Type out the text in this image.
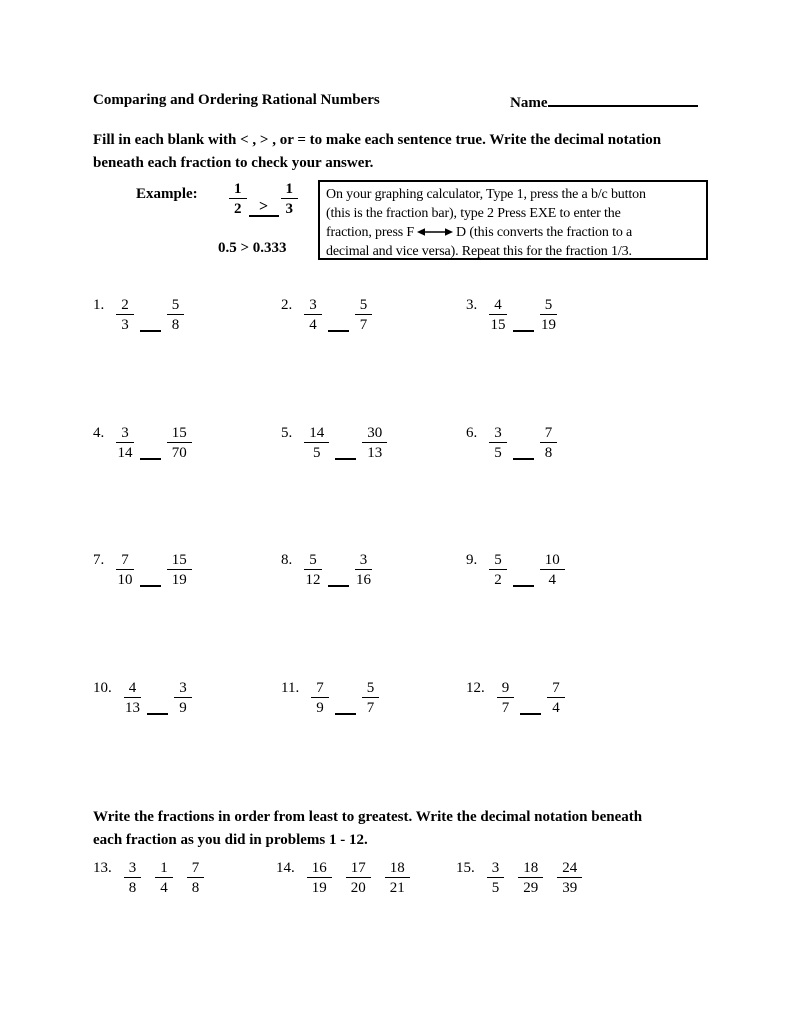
Comparing and Ordering Rational Numbers	Name
Fill in each blank with < , > , or = to make each sentence true. Write the decimal notation
beneath each fraction to check your answer.
Example: $\frac{1}{2} > \frac{1}{3}$
0.5 > 0.333
On your graphing calculator, Type 1, press the a b/c button
(this is the fraction bar), type 2 Press EXE to enter the
fraction, press F	D (this converts the fraction to a
decimal and vice versa). Repeat this for the fraction 1/3.
1. $\frac{2}{3} \frac{5}{8}$	2. $\frac{3}{4} \frac{5}{7}$	3. $\frac{4}{15} \frac{5}{19}$
4. $\frac{3}{14} \frac{15}{70}$	5. $\frac{14}{5} \frac{30}{13}$	6. $\frac{3}{5} \frac{7}{8}$
7. $\frac{7}{10} \frac{15}{19}$	8. $\frac{5}{12} \frac{3}{16}$	9. $\frac{5}{2} \frac{10}{4}$
10. $\frac{4}{13} \frac{3}{9}$	11. $\frac{7}{9} \frac{5}{7}$	12. $\frac{9}{7} \frac{7}{4}$
Write the fractions in order from least to greatest. Write the decimal notation beneath
each fraction as you did in problems 1 - 12.
13. $\frac{3}{8} \frac{1}{4} \frac{7}{8}$	14. $\frac{16}{19} \frac{17}{20} \frac{18}{21}$	15. $\frac{3}{5} \frac{18}{29} \frac{24}{39}$
